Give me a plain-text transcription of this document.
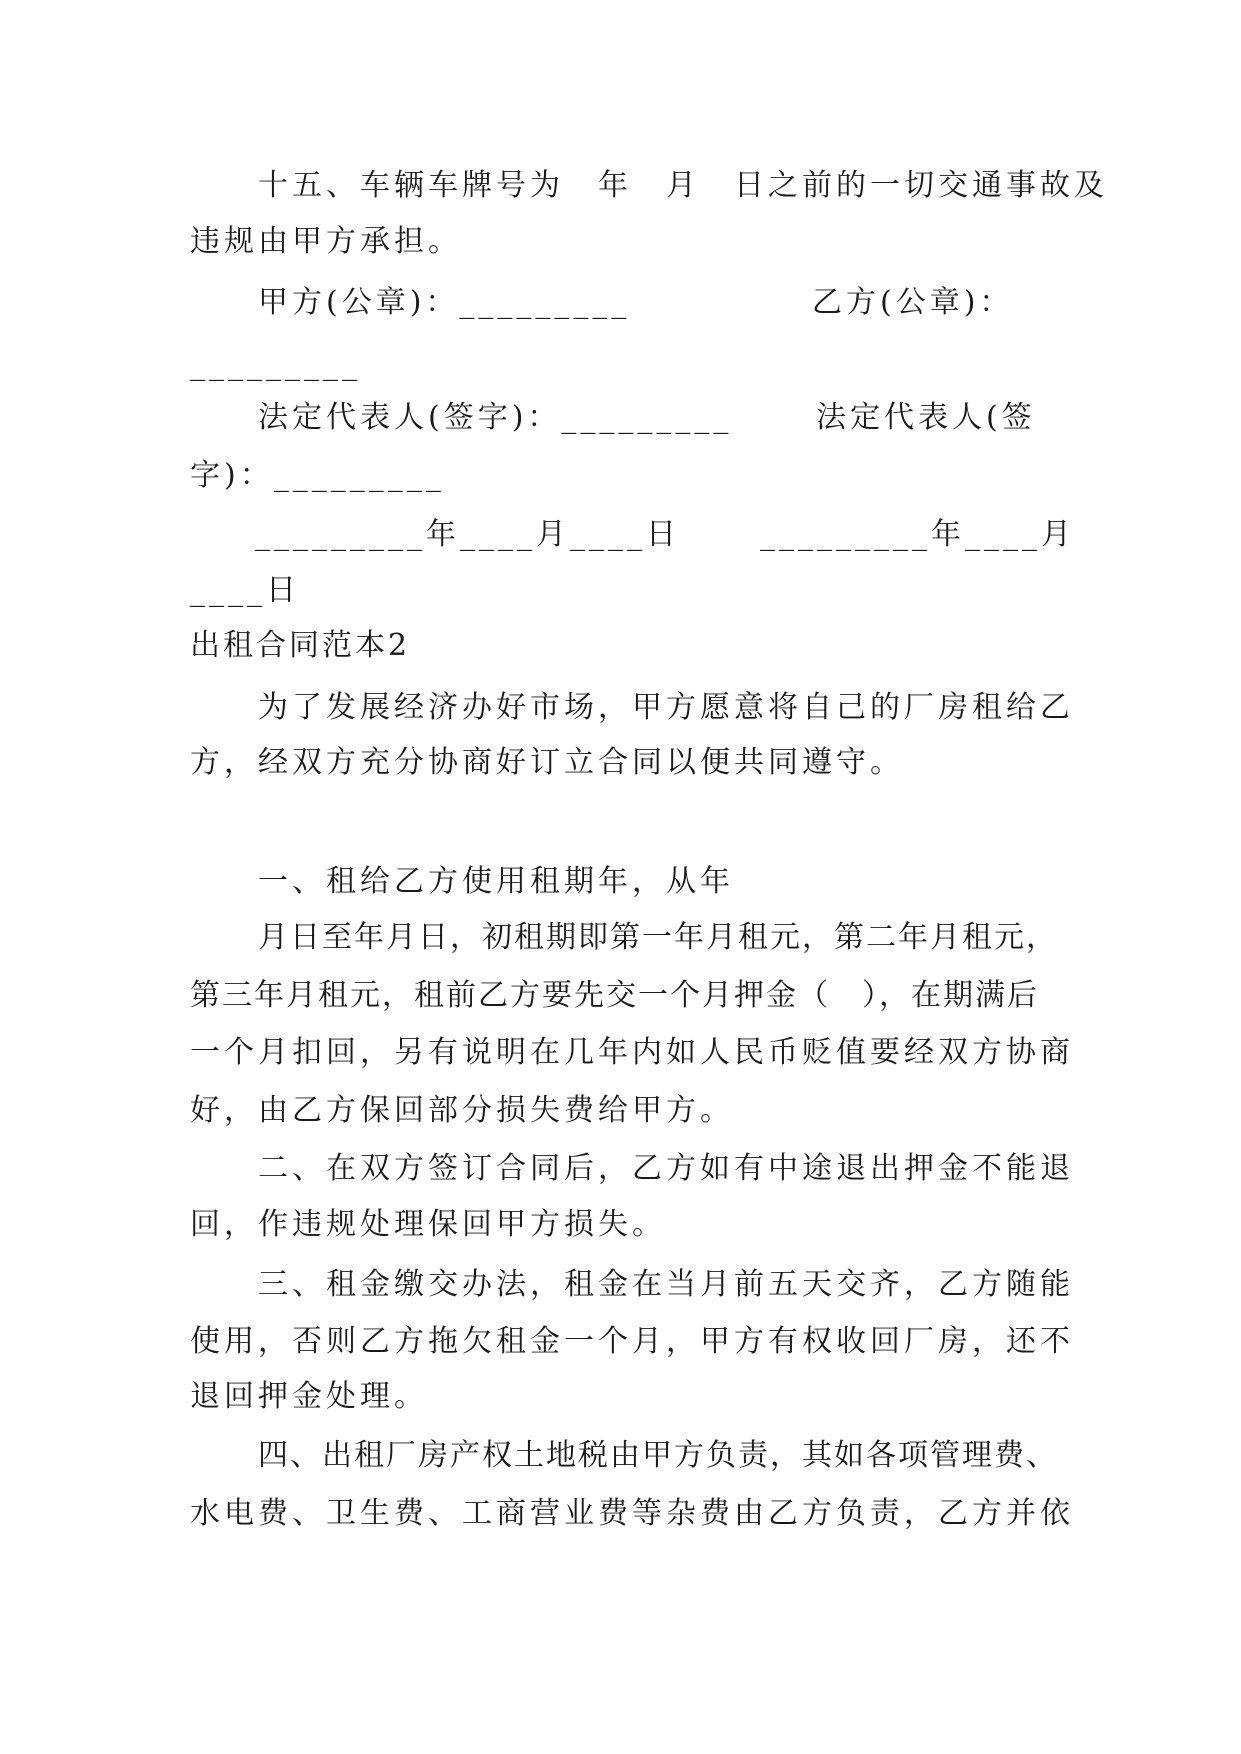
十五、车辆车牌号为　年　月　日之前的一切交通事故及
违规由甲方承担。
甲方(公章)：_________	乙方(公章)：
_________
法定代表人(签字)：_________	法定代表人(签
字)：_________
_________年____月____日	_________年____月
____日
出租合同范本2
为了发展经济办好市场，甲方愿意将自己的厂房租给乙
方，经双方充分协商好订立合同以便共同遵守。
一、租给乙方使用租期年，从年
月日至年月日，初租期即第一年月租元，第二年月租元，
第三年月租元，租前乙方要先交一个月押金（　），在期满后
一个月扣回，另有说明在几年内如人民币贬值要经双方协商
好，由乙方保回部分损失费给甲方。
二、在双方签订合同后，乙方如有中途退出押金不能退
回，作违规处理保回甲方损失。
三、租金缴交办法，租金在当月前五天交齐，乙方随能
使用，否则乙方拖欠租金一个月，甲方有权收回厂房，还不
退回押金处理。
四、出租厂房产权土地税由甲方负责，其如各项管理费、
水电费、卫生费、工商营业费等杂费由乙方负责，乙方并依
